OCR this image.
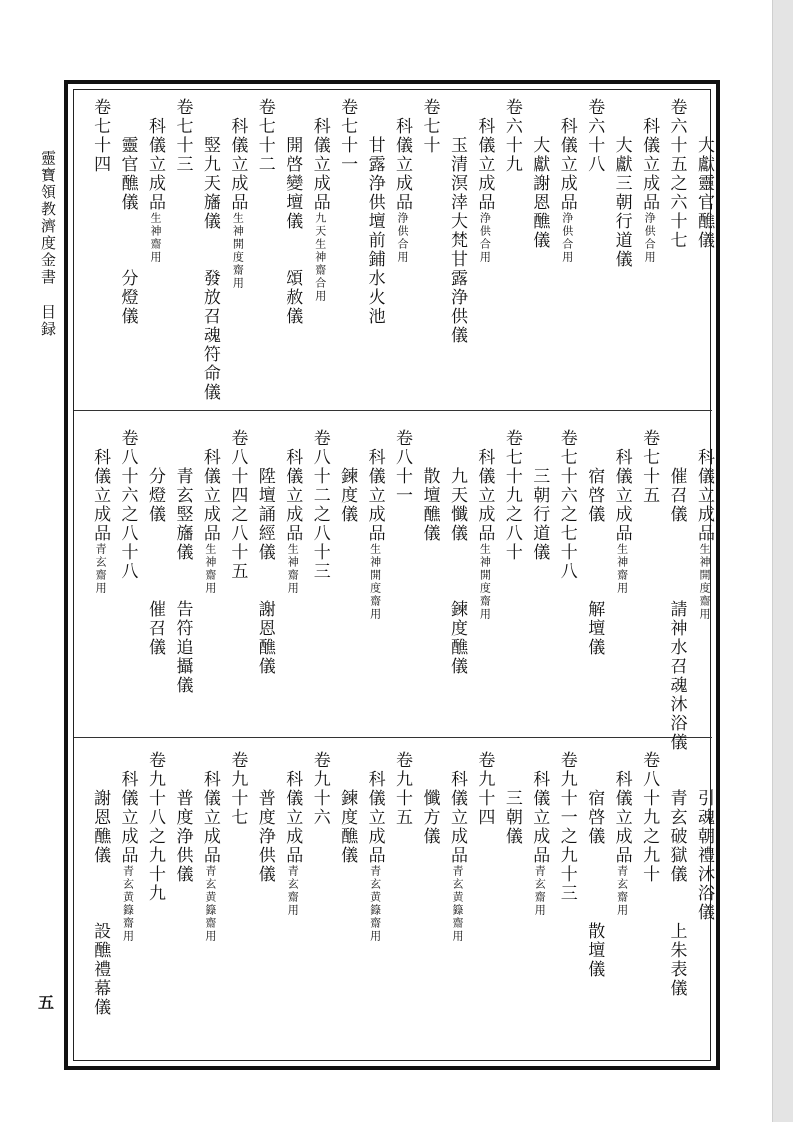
靈寶領教濟度金書目録
五
大獻靈官醮儀
卷六十五之六十七
科儀立成品浄供合用
大獻三朝行道儀
卷六十八
科儀立成品浄供合用
大獻謝恩醮儀
卷六十九
科儀立成品浄供合用
玉清溟涬大梵甘露浄供儀
卷七十
科儀立成品浄供合用
甘露浄供壇前鋪水火池
卷七十一
科儀立成品九天生神齋合用
開啓變壇儀
頌赦儀
卷七十二
科儀立成品生神開度齋用
竪九天旛儀
發放召魂符命儀
卷七十三
科儀立成品生神齋用
靈官醮儀
分燈儀
卷七十四
科儀立成品生神開度齋用
催召儀
請神水召魂沐浴儀
卷七十五
科儀立成品生神齋用
宿啓儀
解壇儀
卷七十六之七十八
三朝行道儀
卷七十九之八十
科儀立成品生神開度齋用
九天懺儀
鍊度醮儀
散壇醮儀
卷八十一
科儀立成品生神開度齋用
鍊度儀
卷八十二之八十三
科儀立成品生神齋用
陞壇誦經儀
謝恩醮儀
卷八十四之八十五
科儀立成品生神齋用
青玄竪旛儀
告符追攝儀
分燈儀
催召儀
卷八十六之八十八
科儀立成品青玄齋用
引魂朝禮沐浴儀
青玄破獄儀
上朱表儀
卷八十九之九十
科儀立成品青玄齋用
宿啓儀
散壇儀
卷九十一之九十三
科儀立成品青玄齋用
三朝儀
卷九十四
科儀立成品青玄黄籙齋用
懺方儀
卷九十五
科儀立成品青玄黄籙齋用
鍊度醮儀
卷九十六
科儀立成品青玄齋用
普度浄供儀
卷九十七
科儀立成品青玄黄籙齋用
普度浄供儀
卷九十八之九十九
科儀立成品青玄黄籙齋用
謝恩醮儀
設醮禮幕儀
